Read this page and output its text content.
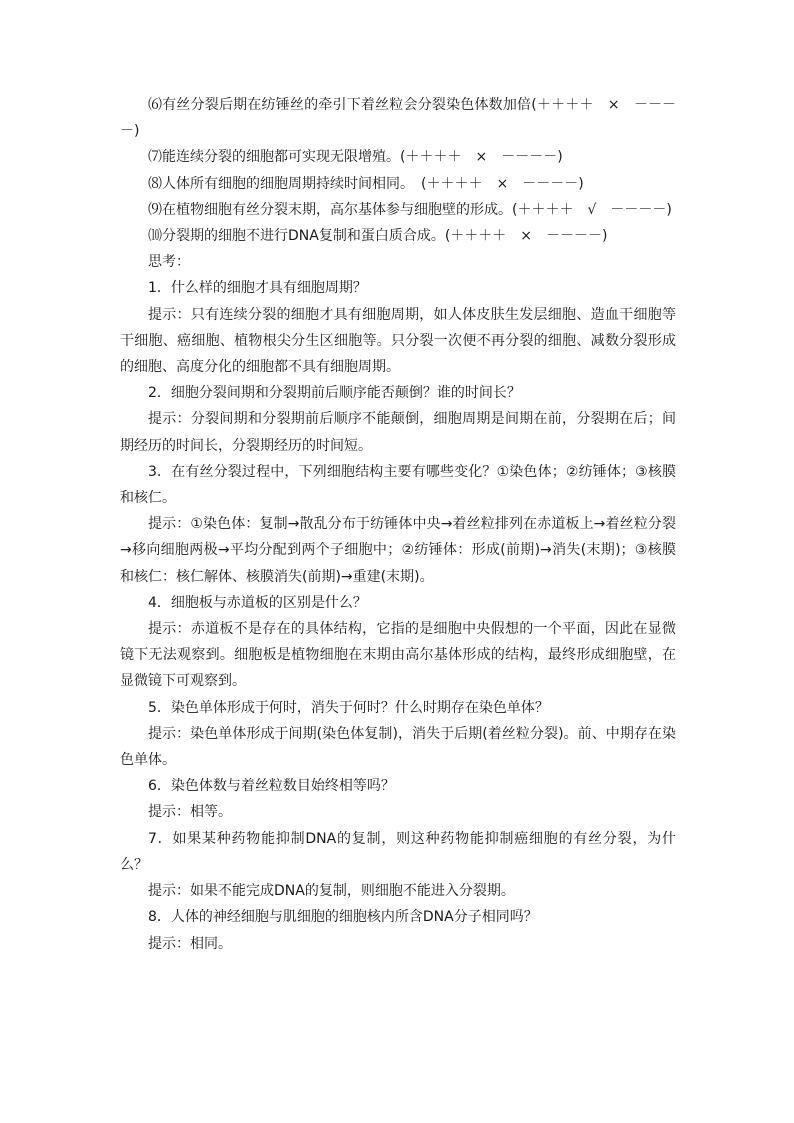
⑹有丝分裂后期在纺锤丝的牵引下着丝粒会分裂染色体数加倍(＋＋＋＋　×　－－－－)

⑺能连续分裂的细胞都可实现无限增殖。(＋＋＋＋　×　－－－－)

⑻人体所有细胞的细胞周期持续时间相同。　(＋＋＋＋　×　－－－－)

⑼在植物细胞有丝分裂末期，高尔基体参与细胞壁的形成。(＋＋＋＋　√　－－－－)

⑽分裂期的细胞不进行DNA复制和蛋白质合成。(＋＋＋＋　×　－－－－)

思考：

1．什么样的细胞才具有细胞周期？

提示：只有连续分裂的细胞才具有细胞周期，如人体皮肤生发层细胞、造血干细胞等干细胞、癌细胞、植物根尖分生区细胞等。只分裂一次便不再分裂的细胞、减数分裂形成的细胞、高度分化的细胞都不具有细胞周期。

2．细胞分裂间期和分裂期前后顺序能否颠倒？谁的时间长？

提示：分裂间期和分裂期前后顺序不能颠倒，细胞周期是间期在前，分裂期在后；间期经历的时间长，分裂期经历的时间短。

3．在有丝分裂过程中，下列细胞结构主要有哪些变化？①染色体；②纺锤体；③核膜和核仁。

提示：①染色体：复制→散乱分布于纺锤体中央→着丝粒排列在赤道板上→着丝粒分裂→移向细胞两极→平均分配到两个子细胞中；②纺锤体：形成(前期)→消失(末期)；③核膜和核仁：核仁解体、核膜消失(前期)→重建(末期)。

4．细胞板与赤道板的区别是什么？

提示：赤道板不是存在的具体结构，它指的是细胞中央假想的一个平面，因此在显微镜下无法观察到。细胞板是植物细胞在末期由高尔基体形成的结构，最终形成细胞壁，在显微镜下可观察到。

5．染色单体形成于何时，消失于何时？什么时期存在染色单体？

提示：染色单体形成于间期(染色体复制)，消失于后期(着丝粒分裂)。前、中期存在染色单体。

6．染色体数与着丝粒数目始终相等吗？

提示：相等。

7．如果某种药物能抑制DNA的复制，则这种药物能抑制癌细胞的有丝分裂，为什么？

提示：如果不能完成DNA的复制，则细胞不能进入分裂期。

8．人体的神经细胞与肌细胞的细胞核内所含DNA分子相同吗？

提示：相同。
